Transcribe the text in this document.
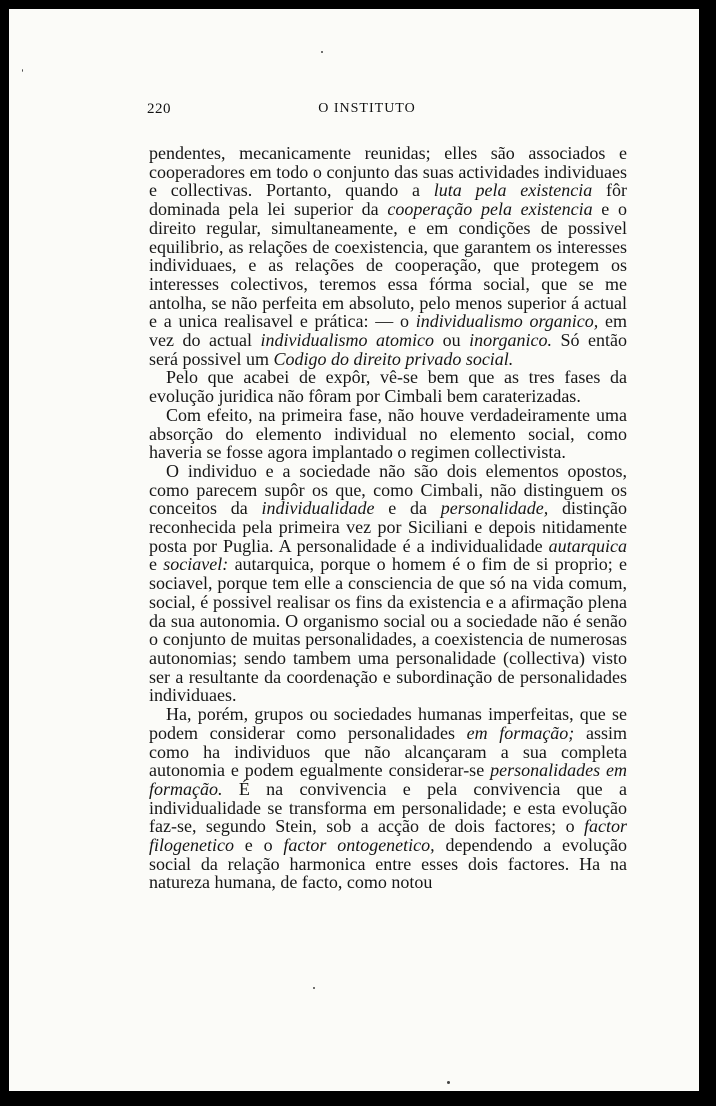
220	O INSTITUTO

pendentes, mecanicamente reunidas; elles são associados e cooperadores em todo o conjunto das suas actividades individuaes e collectivas. Portanto, quando a luta pela existencia fôr dominada pela lei superior da cooperação pela existencia e o direito regular, simultaneamente, e em condições de possivel equilibrio, as relações de coexistencia, que garantem os interesses individuaes, e as relações de cooperação, que protegem os interesses colectivos, teremos essa fórma social, que se me antolha, se não perfeita em absoluto, pelo menos superior á actual e a unica realisavel e prática: — o individualismo organico, em vez do actual individualismo atomico ou inorganico. Só então será possivel um Codigo do direito privado social.

Pelo que acabei de expôr, vê-se bem que as tres fases da evolução juridica não fôram por Cimbali bem caraterizadas.

Com efeito, na primeira fase, não houve verdadeiramente uma absorção do elemento individual no elemento social, como haveria se fosse agora implantado o regimen collectivista.

O individuo e a sociedade não são dois elementos opostos, como parecem supôr os que, como Cimbali, não distinguem os conceitos da individualidade e da personalidade, distinção reconhecida pela primeira vez por Siciliani e depois nitidamente posta por Puglia. A personalidade é a individualidade autarquica e sociavel: autarquica, porque o homem é o fim de si proprio; e sociavel, porque tem elle a consciencia de que só na vida comum, social, é possivel realisar os fins da existencia e a afirmação plena da sua autonomia. O organismo social ou a sociedade não é senão o conjunto de muitas personalidades, a coexistencia de numerosas autonomias; sendo tambem uma personalidade (collectiva) visto ser a resultante da coordenação e subordinação de personalidades individuaes.

Ha, porém, grupos ou sociedades humanas imperfeitas, que se podem considerar como personalidades em formação; assim como ha individuos que não alcançaram a sua completa autonomia e podem egualmente considerar-se personalidades em formação. É na convivencia e pela convivencia que a individualidade se transforma em personalidade; e esta evolução faz-se, segundo Stein, sob a acção de dois factores; o factor filogenetico e o factor ontogenetico, dependendo a evolução social da relação harmonica entre esses dois factores. Ha na natureza humana, de facto, como notou
